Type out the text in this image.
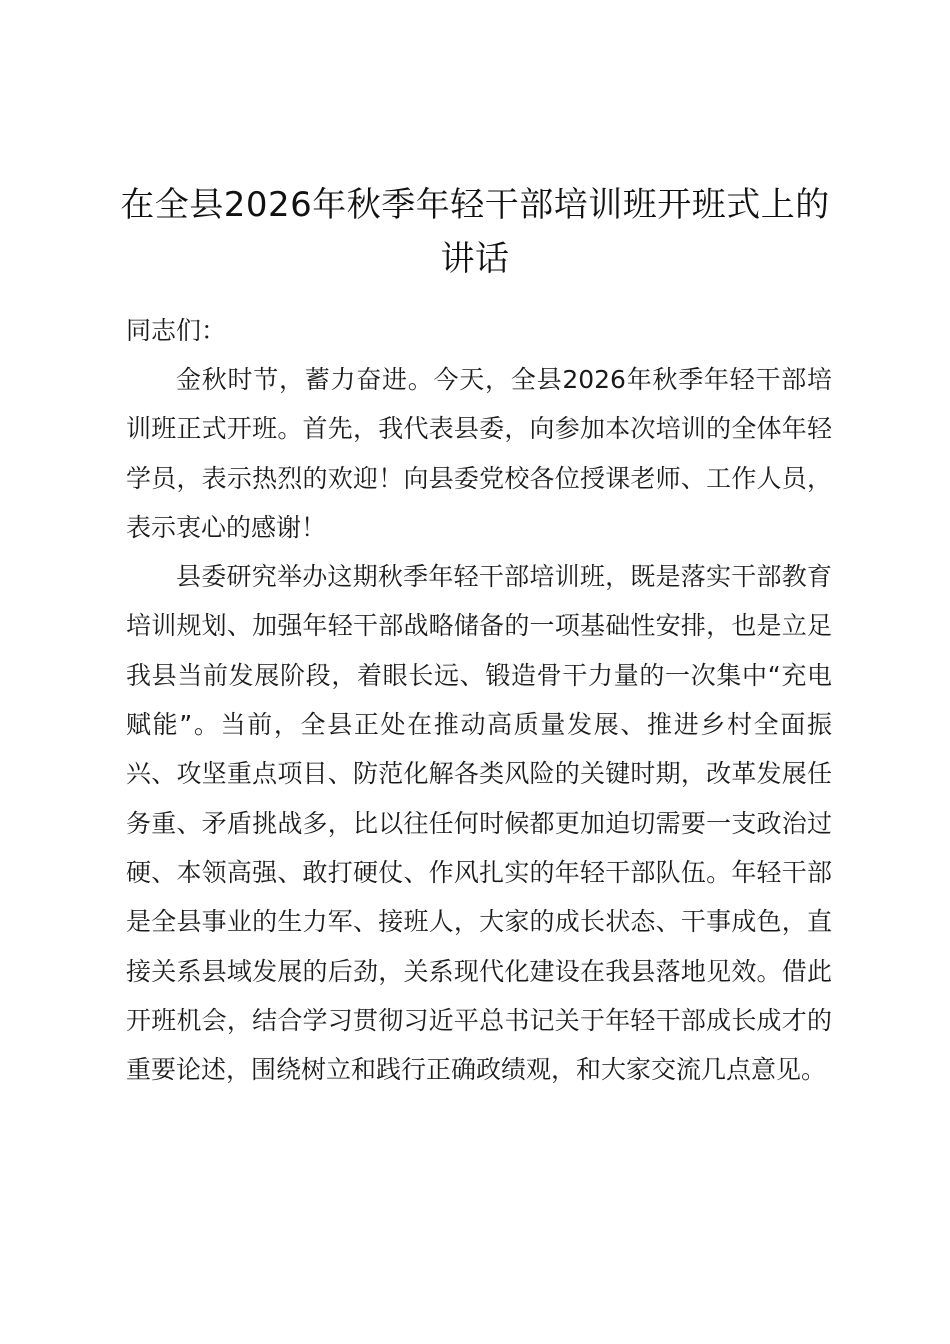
在全县2026年秋季年轻干部培训班开班式上的讲话

同志们：

金秋时节，蓄力奋进。今天，全县2026年秋季年轻干部培训班正式开班。首先，我代表县委，向参加本次培训的全体年轻学员，表示热烈的欢迎！向县委党校各位授课老师、工作人员，表示衷心的感谢！

县委研究举办这期秋季年轻干部培训班，既是落实干部教育培训规划、加强年轻干部战略储备的一项基础性安排，也是立足我县当前发展阶段，着眼长远、锻造骨干力量的一次集中“充电赋能”。当前，全县正处在推动高质量发展、推进乡村全面振兴、攻坚重点项目、防范化解各类风险的关键时期，改革发展任务重、矛盾挑战多，比以往任何时候都更加迫切需要一支政治过硬、本领高强、敢打硬仗、作风扎实的年轻干部队伍。年轻干部是全县事业的生力军、接班人，大家的成长状态、干事成色，直接关系县域发展的后劲，关系现代化建设在我县落地见效。借此开班机会，结合学习贯彻习近平总书记关于年轻干部成长成才的重要论述，围绕树立和践行正确政绩观，和大家交流几点意见。
